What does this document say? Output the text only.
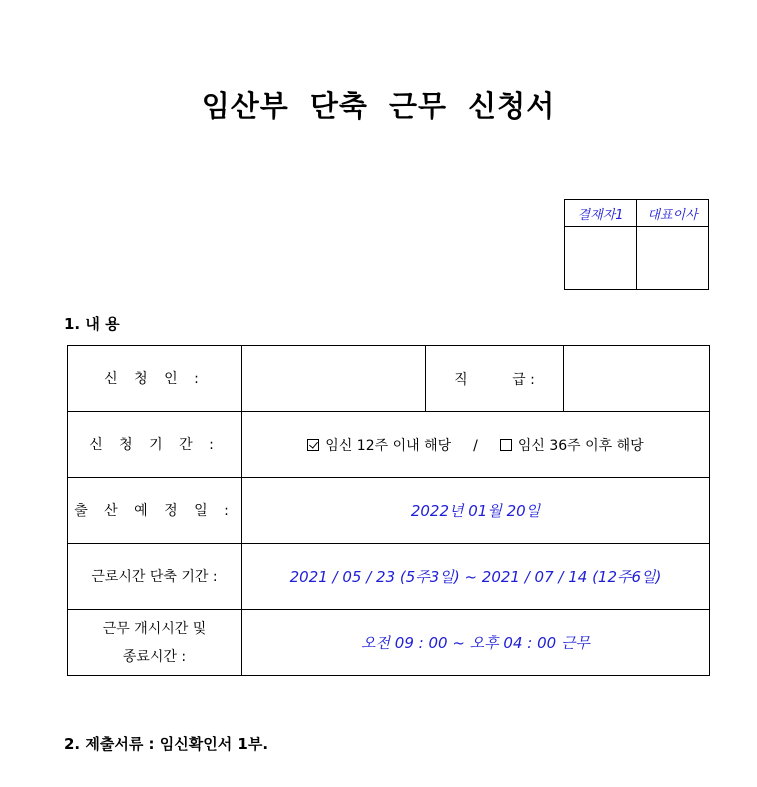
임산부 단축 근무 신청서
결재자1	대표이사

1. 내 용
신 청 인 :		직          급 :	
신 청 기 간 :	임신 12주 이내 해당 / 임신 36주 이후 해당		
출 산 예 정 일 :	2022년 01월 20일		
근로시간 단축 기간 :	2021 / 05 / 23 (5주3일) ~ 2021 / 07 / 14 (12주6일)		

근무 개시시간 및
종료시간 :	오전 09 : 00 ~ 오후 04 : 00 근무		
2. 제출서류 : 임신확인서 1부.
